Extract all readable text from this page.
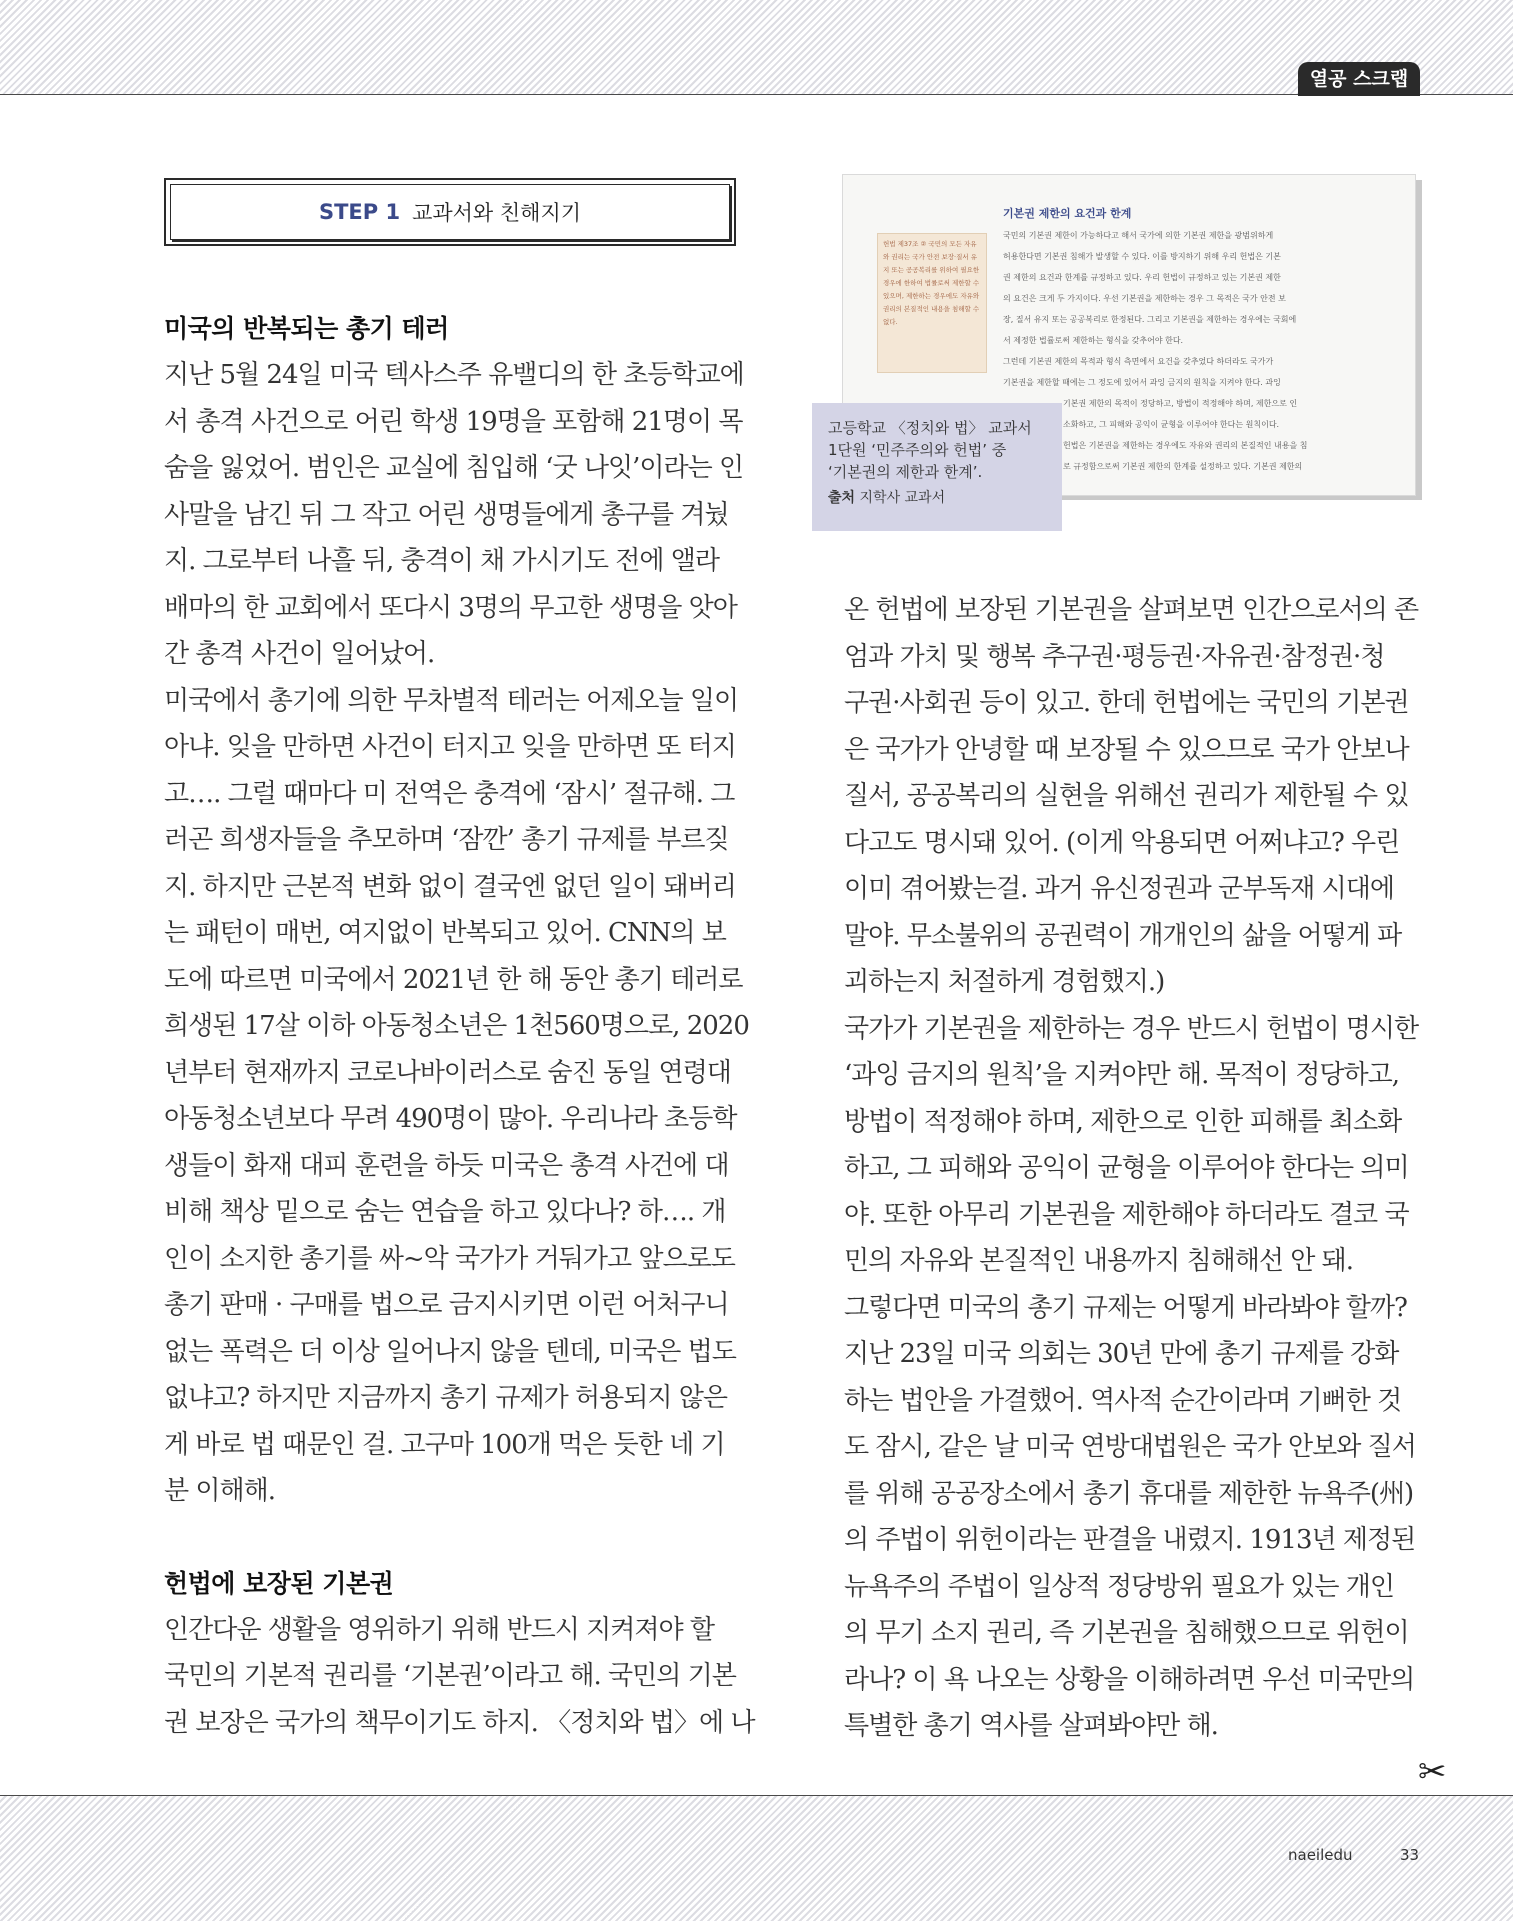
열공 스크랩
STEP 1 교과서와 친해지기
미국의 반복되는 총기 테러

지난 5월 24일 미국 텍사스주 유밸디의 한 초등학교에
서 총격 사건으로 어린 학생 19명을 포함해 21명이 목
숨을 잃었어. 범인은 교실에 침입해 ‘굿 나잇’이라는 인
사말을 남긴 뒤 그 작고 어린 생명들에게 총구를 겨눴
지. 그로부터 나흘 뒤, 충격이 채 가시기도 전에 앨라
배마의 한 교회에서 또다시 3명의 무고한 생명을 앗아
간 총격 사건이 일어났어.

미국에서 총기에 의한 무차별적 테러는 어제오늘 일이
아냐. 잊을 만하면 사건이 터지고 잊을 만하면 또 터지
고…. 그럴 때마다 미 전역은 충격에 ‘잠시’ 절규해. 그
러곤 희생자들을 추모하며 ‘잠깐’ 총기 규제를 부르짖
지. 하지만 근본적 변화 없이 결국엔 없던 일이 돼버리
는 패턴이 매번, 여지없이 반복되고 있어. CNN의 보
도에 따르면 미국에서 2021년 한 해 동안 총기 테러로
희생된 17살 이하 아동청소년은 1천560명으로, 2020
년부터 현재까지 코로나바이러스로 숨진 동일 연령대
아동청소년보다 무려 490명이 많아. 우리나라 초등학
생들이 화재 대피 훈련을 하듯 미국은 총격 사건에 대
비해 책상 밑으로 숨는 연습을 하고 있다나? 하…. 개
인이 소지한 총기를 싸~악 국가가 거둬가고 앞으로도
총기 판매 · 구매를 법으로 금지시키면 이런 어처구니
없는 폭력은 더 이상 일어나지 않을 텐데, 미국은 법도
없냐고? 하지만 지금까지 총기 규제가 허용되지 않은
게 바로 법 때문인 걸. 고구마 100개 먹은 듯한 네 기
분 이해해.

헌법에 보장된 기본권

인간다운 생활을 영위하기 위해 반드시 지켜져야 할
국민의 기본적 권리를 ‘기본권’이라고 해. 국민의 기본
권 보장은 국가의 책무이기도 하지. 〈정치와 법〉에 나

기본권 제한의 요건과 한계
헌법 제37조 ② 국민의 모든 자유와 권리는 국가 안전 보장·질서 유지 또는 공공복리를 위하여 필요한 경우에 한하여 법률로써 제한할 수 있으며, 제한하는 경우에도 자유와 권리의 본질적인 내용을 침해할 수 없다.
국민의 기본권 제한이 가능하다고 해서 국가에 의한 기본권 제한을 광범위하게
허용한다면 기본권 침해가 발생할 수 있다. 이를 방지하기 위해 우리 헌법은 기본
권 제한의 요건과 한계를 규정하고 있다. 우리 헌법이 규정하고 있는 기본권 제한
의 요건은 크게 두 가지이다. 우선 기본권을 제한하는 경우 그 목적은 국가 안전 보
장, 질서 유지 또는 공공복리로 한정된다. 그리고 기본권을 제한하는 경우에는 국회에
서 제정한 법률로써 제한하는 형식을 갖추어야 한다.
그런데 기본권 제한의 목적과 형식 측면에서 요건을 갖추었다 하더라도 국가가
기본권을 제한할 때에는 그 정도에 있어서 과잉 금지의 원칙을 지켜야 한다. 과잉
기본권 제한의 목적이 정당하고, 방법이 적정해야 하며, 제한으로 인
소화하고, 그 피해와 공익이 균형을 이루어야 한다는 원칙이다.
헌법은 기본권을 제한하는 경우에도 자유와 권리의 본질적인 내용을 침
로 규정함으로써 기본권 제한의 한계를 설정하고 있다. 기본권 제한의
고등학교 〈정치와 법〉 교과서
1단원 ‘민주주의와 헌법’ 중
‘기본권의 제한과 한계’.
출처 지학사 교과서

온 헌법에 보장된 기본권을 살펴보면 인간으로서의 존
엄과 가치 및 행복 추구권·평등권·자유권·참정권·청
구권·사회권 등이 있고. 한데 헌법에는 국민의 기본권
은 국가가 안녕할 때 보장될 수 있으므로 국가 안보나
질서, 공공복리의 실현을 위해선 권리가 제한될 수 있
다고도 명시돼 있어. (이게 악용되면 어쩌냐고? 우린
이미 겪어봤는걸. 과거 유신정권과 군부독재 시대에
말야. 무소불위의 공권력이 개개인의 삶을 어떻게 파
괴하는지 처절하게 경험했지.)

국가가 기본권을 제한하는 경우 반드시 헌법이 명시한
‘과잉 금지의 원칙’을 지켜야만 해. 목적이 정당하고,
방법이 적정해야 하며, 제한으로 인한 피해를 최소화
하고, 그 피해와 공익이 균형을 이루어야 한다는 의미
야. 또한 아무리 기본권을 제한해야 하더라도 결코 국
민의 자유와 본질적인 내용까지 침해해선 안 돼.

그렇다면 미국의 총기 규제는 어떻게 바라봐야 할까?
지난 23일 미국 의회는 30년 만에 총기 규제를 강화
하는 법안을 가결했어. 역사적 순간이라며 기뻐한 것
도 잠시, 같은 날 미국 연방대법원은 국가 안보와 질서
를 위해 공공장소에서 총기 휴대를 제한한 뉴욕주(州)
의 주법이 위헌이라는 판결을 내렸지. 1913년 제정된
뉴욕주의 주법이 일상적 정당방위 필요가 있는 개인
의 무기 소지 권리, 즉 기본권을 침해했으므로 위헌이
라나? 이 욕 나오는 상황을 이해하려면 우선 미국만의
특별한 총기 역사를 살펴봐야만 해.

✂
naeiledu	33
